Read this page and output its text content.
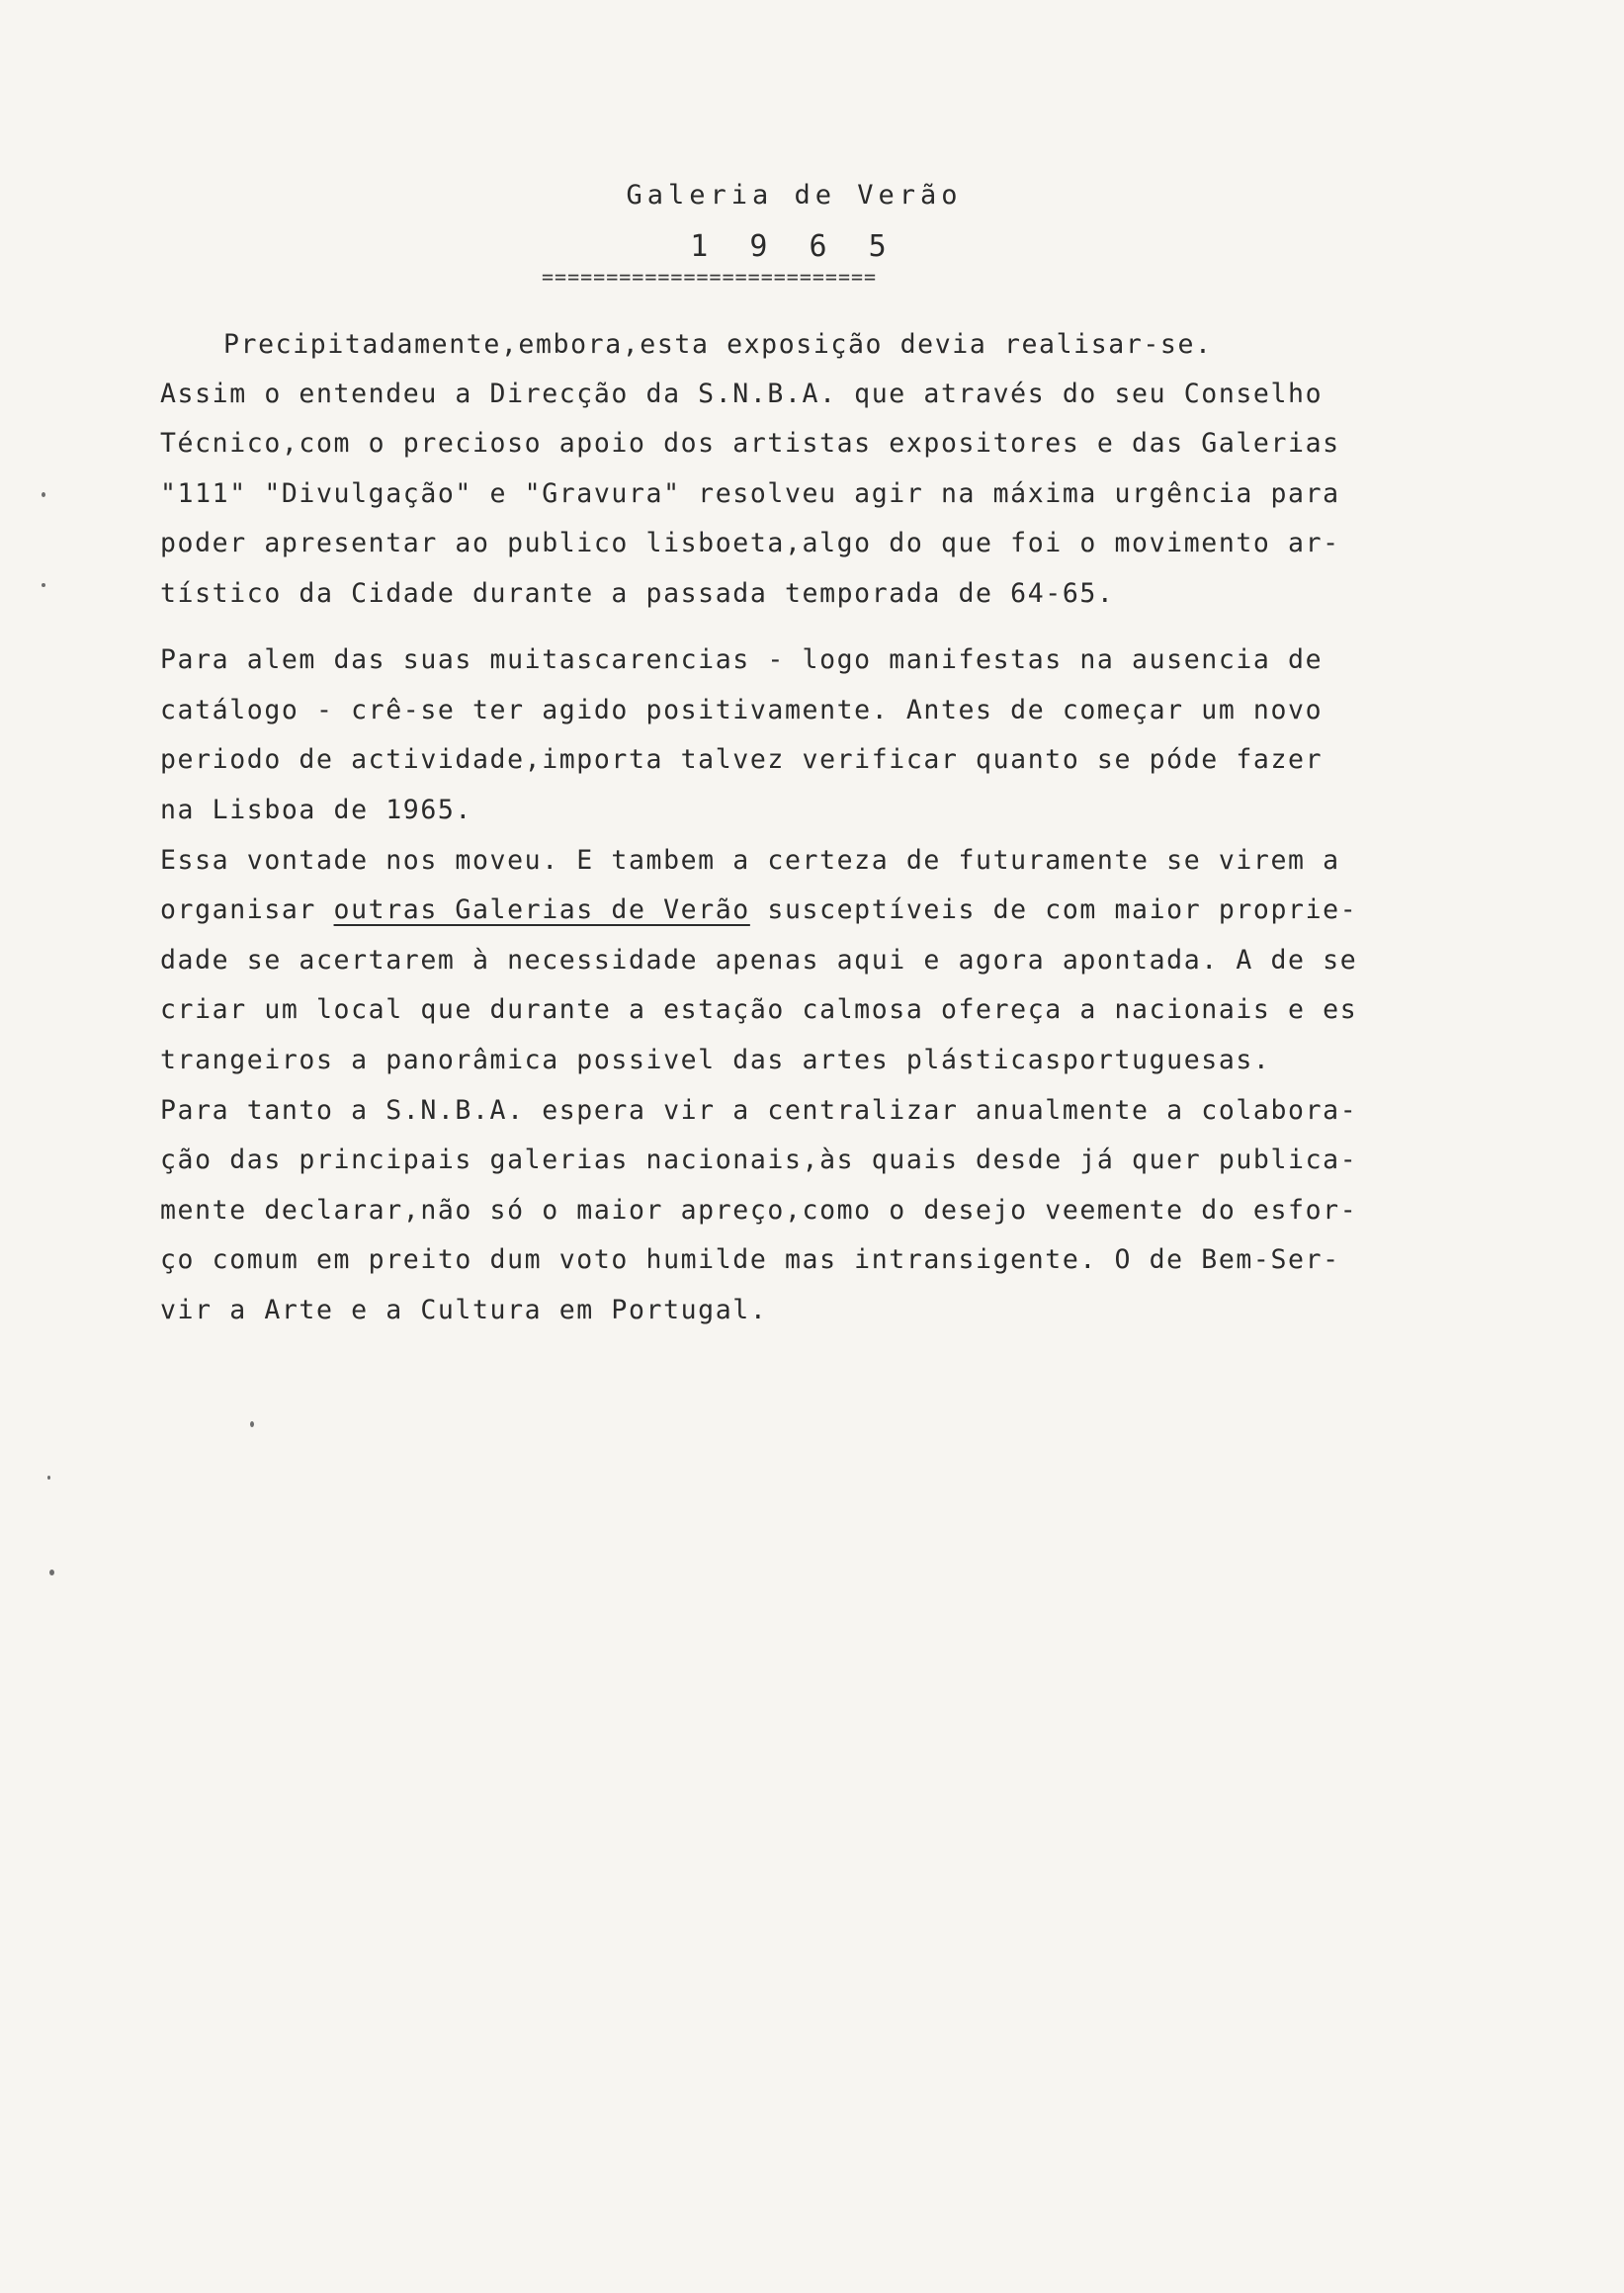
Galeria de Verão
1 9 6 5
==========================
Precipitadamente,embora,esta exposição devia realisar-se.
Assim o entendeu a Direcção da S.N.B.A. que através do seu Conselho
Técnico,com o precioso apoio dos artistas expositores e das Galerias
"111" "Divulgação" e "Gravura" resolveu agir na máxima urgência para
poder apresentar ao publico lisboeta,algo do que foi o movimento ar-
tístico da Cidade durante a passada temporada de 64-65.
Para alem das suas muitascarencias - logo manifestas na ausencia de
catálogo - crê-se ter agido positivamente. Antes de começar um novo
periodo de actividade,importa talvez verificar quanto se póde fazer
na Lisboa de 1965.
Essa vontade nos moveu. E tambem a certeza de futuramente se virem a
organisar outras Galerias de Verão susceptíveis de com maior proprie-
dade se acertarem à necessidade apenas aqui e agora apontada. A de se
criar um local que durante a estação calmosa ofereça a nacionais e es
trangeiros a panorâmica possivel das artes plásticasportuguesas.
Para tanto a S.N.B.A. espera vir a centralizar anualmente a colabora-
ção das principais galerias nacionais,às quais desde já quer publica-
mente declarar,não só o maior apreço,como o desejo veemente do esfor-
ço comum em preito dum voto humilde mas intransigente. O de Bem-Ser-
vir a Arte e a Cultura em Portugal.
